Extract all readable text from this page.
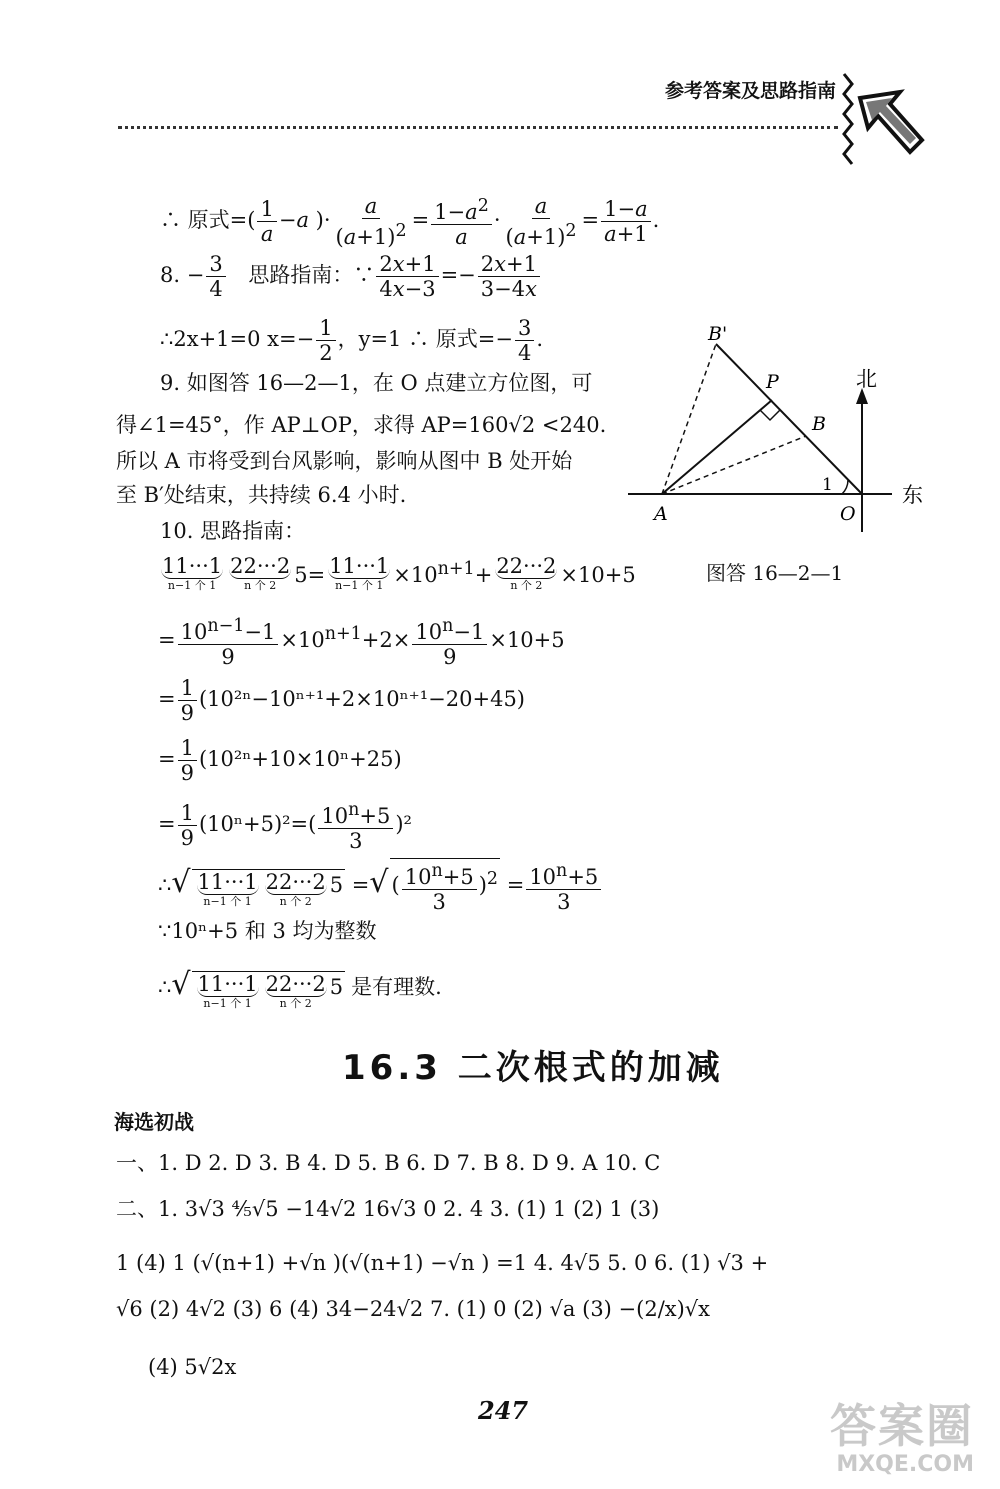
参考答案及思路指南
∴ 原式=( $\frac{1}{a} -a$ )· $\frac{a}{(a+1)^2} = \frac{1-a^2}{a} \cdot \frac{a}{(a+1)^2} = \frac{1-a}{a+1}$ .
8. − $\frac{3}{4}$ 思路指南：∵ $\frac{2x+1}{4x-3} =- \frac{2x+1}{3-4x}$
∴2x+1=0 $x=- \frac{1}{2}$ ，y=1 ∴ 原式=− $\frac{3}{4}$ .
9. 如图答 16—2—1，在 O 点建立方位图，可
得∠1=45°，作 AP⊥OP，求得 AP=160√2 <240.
所以 A 市将受到台风影响，影响从图中 B 处开始
至 B′处结束，共持续 6.4 小时.
10. 思路指南：
11···1
n−1 个 1
22···2
n 个 2 5= 11···1
n−1 个 $1 \times 10^{n+1}+ 22\cdot\cdot\cdot 2$
n 个 2 ×10+5
= $\frac{10^{n-1}-1}{9} \times 10^{n+1}+2\times \frac{10^n-1}{9} \times 10+5$
= $\frac{1}{9} (10^{2n}-10^{n+1}+2\times 10^{n+1}-20+45)$
= $\frac{1}{9} (10^{2n}+10\times 10^n+25)$
= $\frac{1}{9} (10^n+5)^2=( \frac{10^n+5}{3} )^2$
∴√ 11···1
n−1 个 1
22···2
n 个 2
5 =√ ( $\frac{10^n+5}{3} )^2 = \frac{10^n+5}{3}$
∵10ⁿ+5 和 3 均为整数
∴√ 11···1
n−1 个 1
22···2
n 个 2
5 是有理数.
B'
P
B
A	O
1
北
东
图答 16—2—1
16.3 二次根式的加减
海选初战
一、1. D 2. D 3. B 4. D 5. B 6. D 7. B 8. D 9. A 10. C
二、1. 3√3 ⁴⁄₅√5 −14√2 16√3 0 2. 4 3. (1) 1 (2) 1 (3)
1 (4) 1 (√(n+1) +√n )(√(n+1) −√n ) =1 4. 4√5 5. 0 6. (1) √3 +
√6 (2) 4√2 (3) 6 (4) 34−24√2 7. (1) 0 (2) √a (3) −(2/x)√x
(4) 5√2x
247	答案圈
MXQE.COM
